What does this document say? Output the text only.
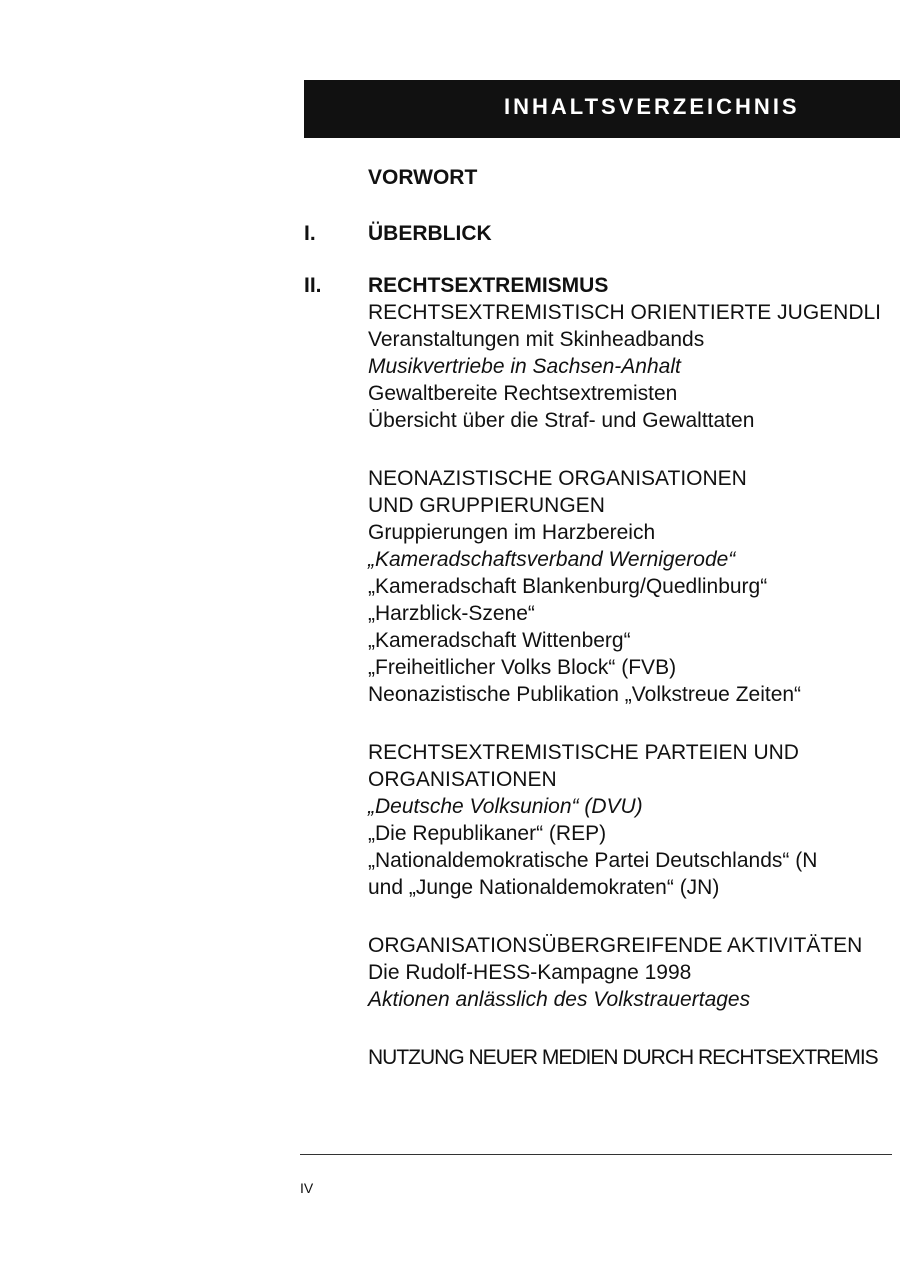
INHALTSVERZEICHNIS
VORWORT
I. ÜBERBLICK
II. RECHTSEXTREMISMUS
RECHTSEXTREMISTISCH ORIENTIERTE JUGENDLI
Veranstaltungen mit Skinheadbands
Musikvertriebe in Sachsen-Anhalt
Gewaltbereite Rechtsextremisten
Übersicht über die Straf- und Gewalttaten
NEONAZISTISCHE ORGANISATIONEN
UND GRUPPIERUNGEN
Gruppierungen im Harzbereich
„Kameradschaftsverband Wernigerode“
„Kameradschaft Blankenburg/Quedlinburg“
„Harzblick-Szene“
„Kameradschaft Wittenberg“
„Freiheitlicher Volks Block“ (FVB)
Neonazistische Publikation „Volkstreue Zeiten“
RECHTSEXTREMISTISCHE PARTEIEN UND
ORGANISATIONEN
„Deutsche Volksunion“ (DVU)
„Die Republikaner“ (REP)
„Nationaldemokratische Partei Deutschlands“ (N
und „Junge Nationaldemokraten“ (JN)
ORGANISATIONSÜBERGREIFENDE AKTIVITÄTEN
Die Rudolf-HESS-Kampagne 1998
Aktionen anlässlich des Volkstrauertages
NUTZUNG NEUER MEDIEN DURCH RECHTSEXTREMIS
IV
